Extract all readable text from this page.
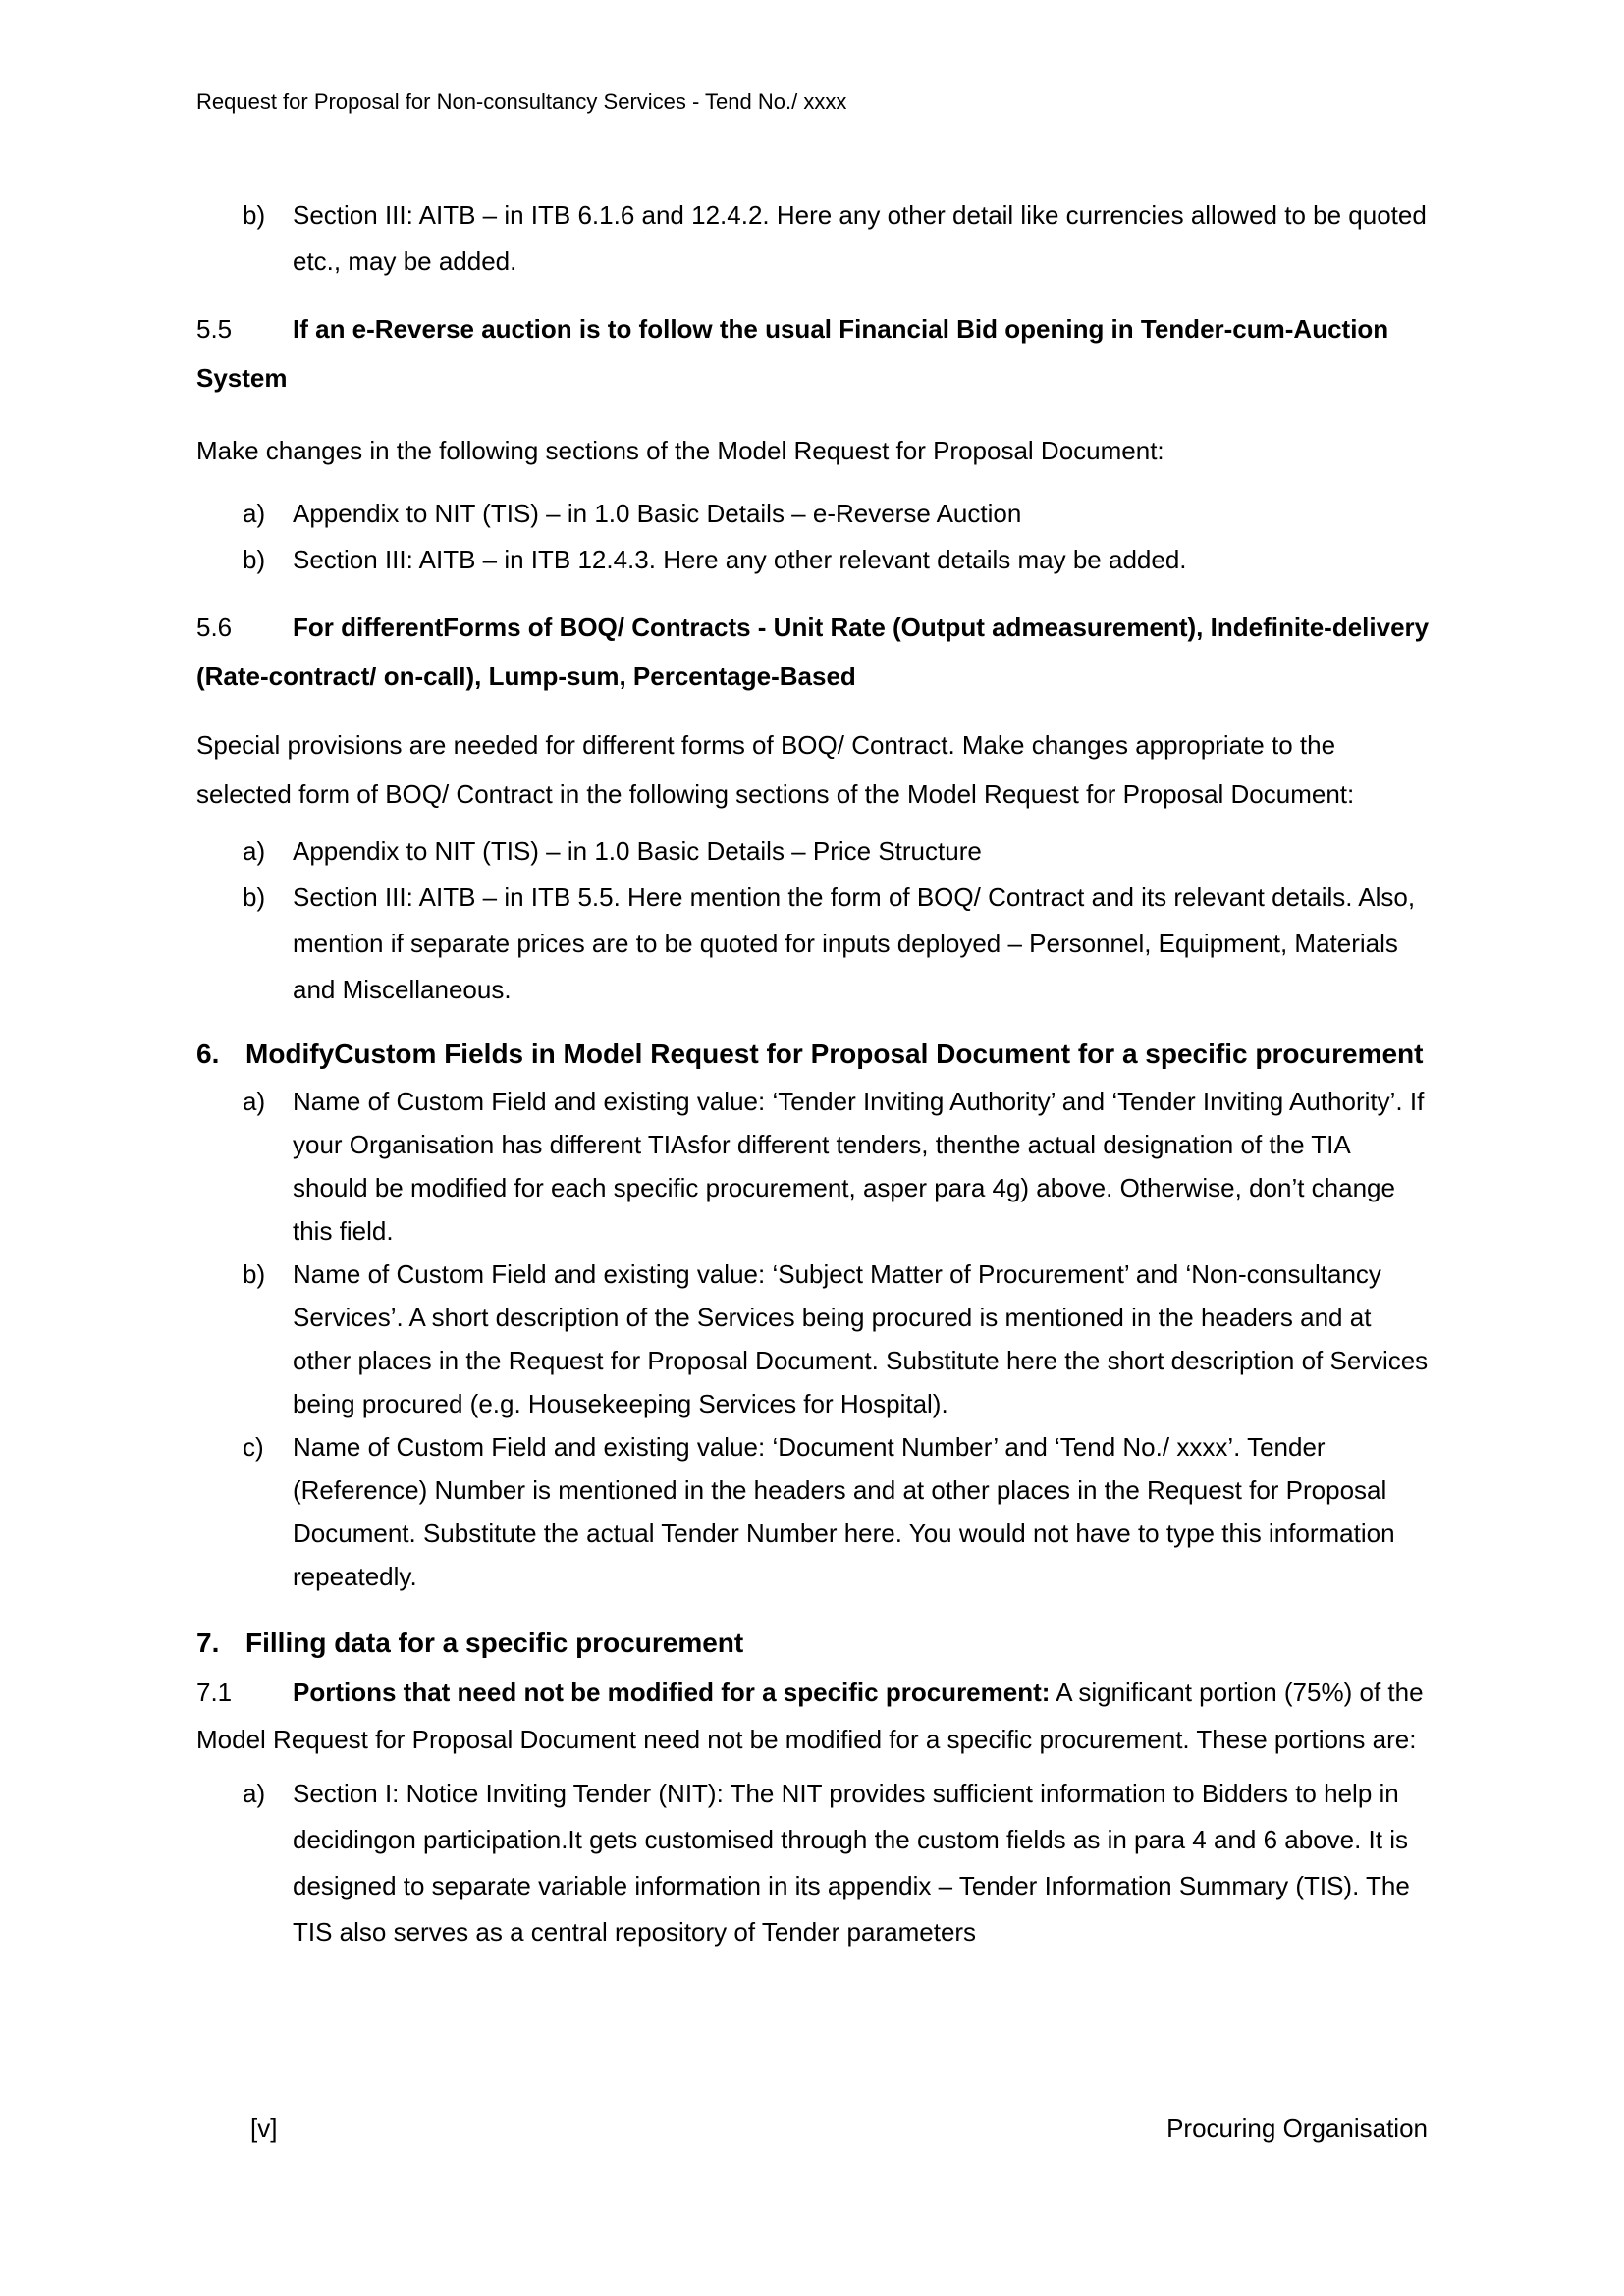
Request for Proposal for Non-consultancy Services - Tend No./ xxxx

b) Section III: AITB – in ITB 6.1.6 and 12.4.2. Here any other detail like currencies allowed to be quoted etc., may be added.

5.5 If an e-Reverse auction is to follow the usual Financial Bid opening in Tender-cum-Auction System

Make changes in the following sections of the Model Request for Proposal Document:

a) Appendix to NIT (TIS) – in 1.0 Basic Details – e-Reverse Auction

b) Section III: AITB – in ITB 12.4.3. Here any other relevant details may be added.

5.6 For differentForms of BOQ/ Contracts - Unit Rate (Output admeasurement), Indefinite-delivery (Rate-contract/ on-call), Lump-sum, Percentage-Based

Special provisions are needed for different forms of BOQ/ Contract. Make changes appropriate to the selected form of BOQ/ Contract in the following sections of the Model Request for Proposal Document:

a) Appendix to NIT (TIS) – in 1.0 Basic Details – Price Structure

b) Section III: AITB – in ITB 5.5. Here mention the form of BOQ/ Contract and its relevant details. Also, mention if separate prices are to be quoted for inputs deployed – Personnel, Equipment, Materials and Miscellaneous.

6. ModifyCustom Fields in Model Request for Proposal Document for a specific procurement

a) Name of Custom Field and existing value: ‘Tender Inviting Authority’ and ‘Tender Inviting Authority’. If your Organisation has different TIAsfor different tenders, thenthe actual designation of the TIA should be modified for each specific procurement, asper para 4g) above. Otherwise, don’t change this field.

b) Name of Custom Field and existing value: ‘Subject Matter of Procurement’ and ‘Non-consultancy Services’. A short description of the Services being procured is mentioned in the headers and at other places in the Request for Proposal Document. Substitute here the short description of Services being procured (e.g. Housekeeping Services for Hospital).

c) Name of Custom Field and existing value: ‘Document Number’ and ‘Tend No./ xxxx’. Tender (Reference) Number is mentioned in the headers and at other places in the Request for Proposal Document. Substitute the actual Tender Number here. You would not have to type this information repeatedly.

7. Filling data for a specific procurement

7.1 Portions that need not be modified for a specific procurement: A significant portion (75%) of the Model Request for Proposal Document need not be modified for a specific procurement. These portions are:

a) Section I: Notice Inviting Tender (NIT): The NIT provides sufficient information to Bidders to help in decidingon participation.It gets customised through the custom fields as in para 4 and 6 above. It is designed to separate variable information in its appendix – Tender Information Summary (TIS). The TIS also serves as a central repository of Tender parameters

[v]	Procuring Organisation
